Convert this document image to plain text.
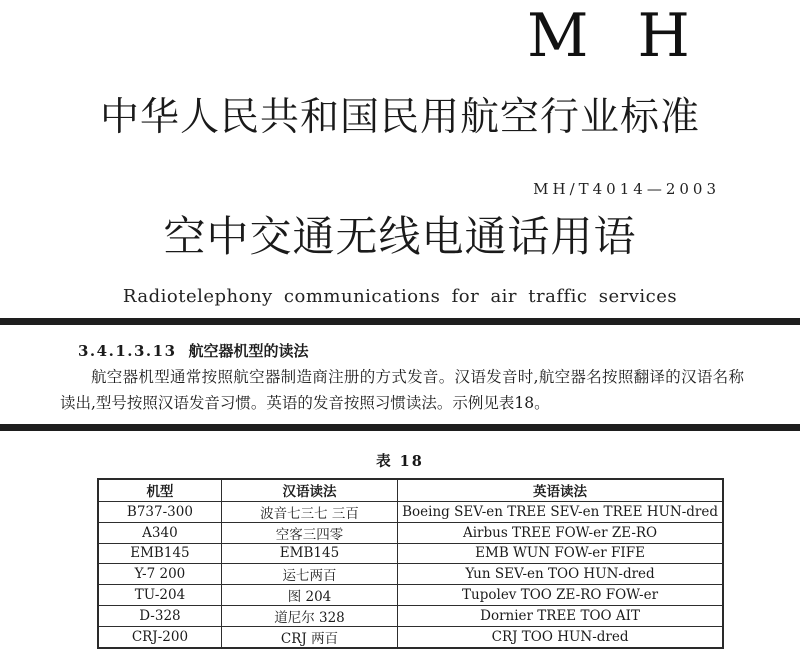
M H
中华人民共和国民用航空行业标准
MH/T4014—2003
空中交通无线电通话用语
Radiotelephony communications for air traffic services
3.4.1.3.13 航空器机型的读法

航空器机型通常按照航空器制造商注册的方式发音。汉语发音时,航空器名按照翻译的汉语名称读出,型号按照汉语发音习惯。英语的发音按照习惯读法。示例见表18。

表 18
机型	汉语读法	英语读法
B737-300	波音七三七 三百	Boeing SEV-en TREE SEV-en TREE HUN-dred
A340	空客三四零	Airbus TREE FOW-er ZE-RO
EMB145	EMB145	EMB WUN FOW-er FIFE
Y-7 200	运七两百	Yun SEV-en TOO HUN-dred
TU-204	图 204	Tupolev TOO ZE-RO FOW-er
D-328	道尼尔 328	Dornier TREE TOO AIT
CRJ-200	CRJ 两百	CRJ TOO HUN-dred
